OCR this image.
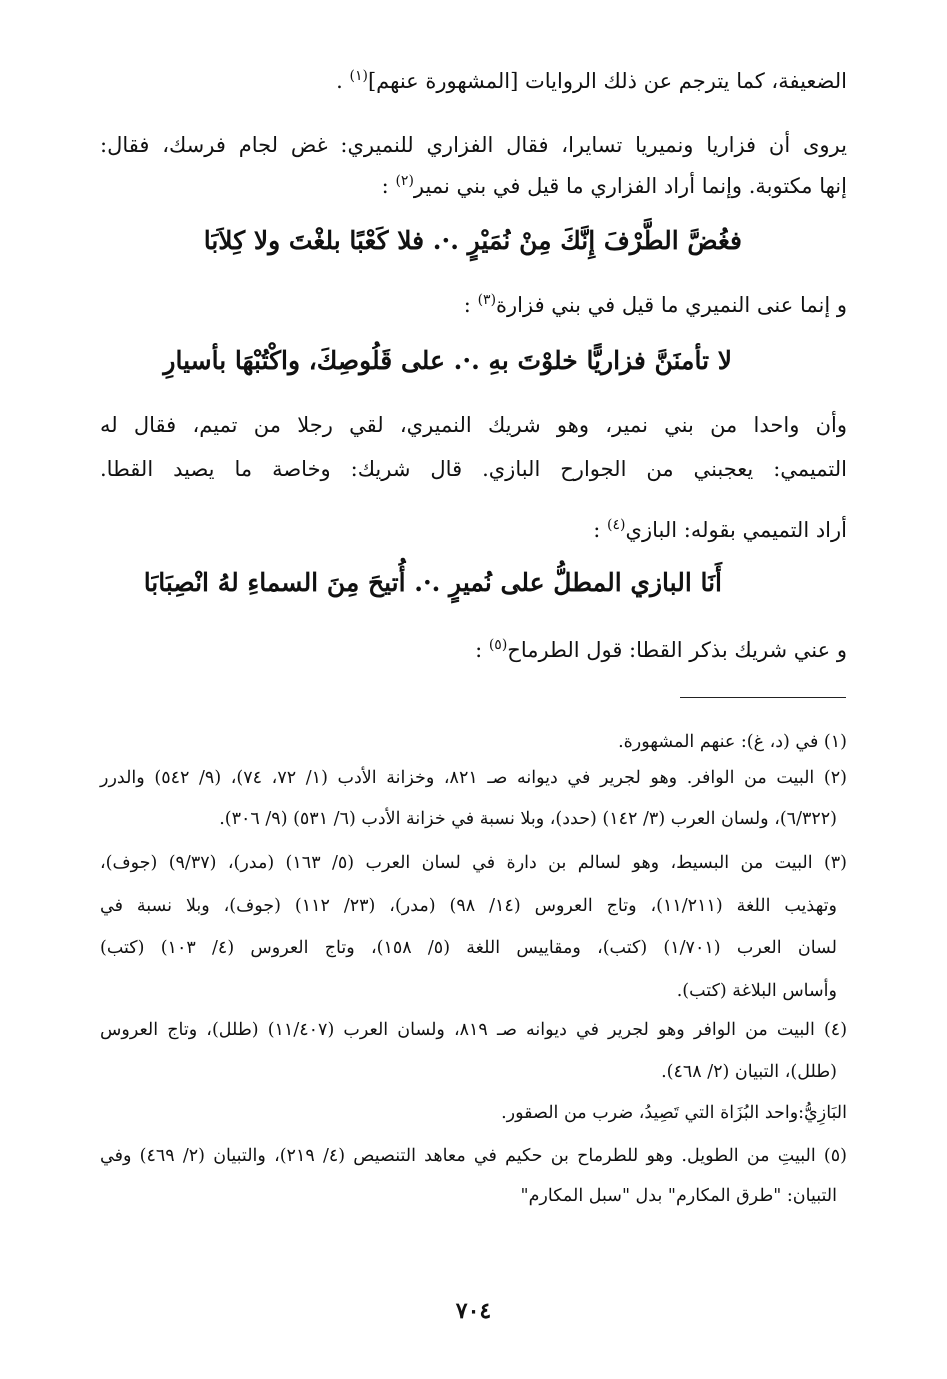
الضعيفة، كما يترجم عن ذلك الروايات [المشهورة عنهم]$^{(١)}$ .
يروى أن فزاريا ونميريا تسايرا، فقال الفزاري للنميري: غض لجام فرسك، فقال:
إنها مكتوبة. وإنما أراد الفزاري ما قيل في بني نمير$^{(٢)}$ :
فغُضَّ الطَّرْفَ إِنَّكَ مِنْ نُمَيْرٍ .·. فلا كَعْبًا بلغْتَ ولا كِلاَبَا
و إنما عنى النميري ما قيل في بني فزارة$^{(٣)}$ :
لا تأمنَنَّ فزاريًّا خلوْتَ بهِ .·. على قَلُوصِكَ، واكْتُبْهَا بأسيارِ
وأن واحدا من بني نمير، وهو شريك النميري، لقي رجلا من تميم، فقال له
التميمي: يعجبني من الجوارح البازي. قال شريك: وخاصة ما يصيد القطا.
أراد التميمي بقوله: البازي$^{(٤)}$ :
أَنَا البازي المطلُّ على نُميرٍ .·. أُتيحَ مِنَ السماءِ لهُ انْصِبَابَا
و عني شريك بذكر القطا: قول الطرماح$^{(٥)}$ :
(١) في (د، غ): عنهم المشهورة.
(٢) البيت من الوافر. وهو لجرير في ديوانه صـ ٨٢١، وخزانة الأدب (١/ ٧٢، ٧٤)، (٩/ ٥٤٢) والدرر
(٦/٣٢٢)، ولسان العرب (٣/ ١٤٢) (حدد)، وبلا نسبة في خزانة الأدب (٦/ ٥٣١) (٩/ ٣٠٦).
(٣) البيت من البسيط، وهو لسالم بن دارة في لسان العرب (٥/ ١٦٣) (مدر)، (٩/٣٧) (جوف)،
وتهذيب اللغة (١١/٢١١)، وتاج العروس (١٤/ ٩٨) (مدر)، (٢٣/ ١١٢) (جوف)، وبلا نسبة في
لسان العرب (١/٧٠١) (كتب)، ومقاييس اللغة (٥/ ١٥٨)، وتاج العروس (٤/ ١٠٣) (كتب)
وأساس البلاغة (كتب).
(٤) البيت من الوافر وهو لجرير في ديوانه صـ ٨١٩، ولسان العرب (١١/٤٠٧) (طلل)، وتاج العروس
(طلل)، التبيان (٢/ ٤٦٨).
البَازِيُّ:واحد البُزَاة التي تَصِيدُ، ضرب من الصقور.
(٥) البيتِ من الطويل. وهو للطرماح بن حكيم في معاهد التنصيص (٤/ ٢١٩)، والتبيان (٢/ ٤٦٩) وفي
التبيان: "طرق المكارم" بدل "سبل المكارم"
٧٠٤
